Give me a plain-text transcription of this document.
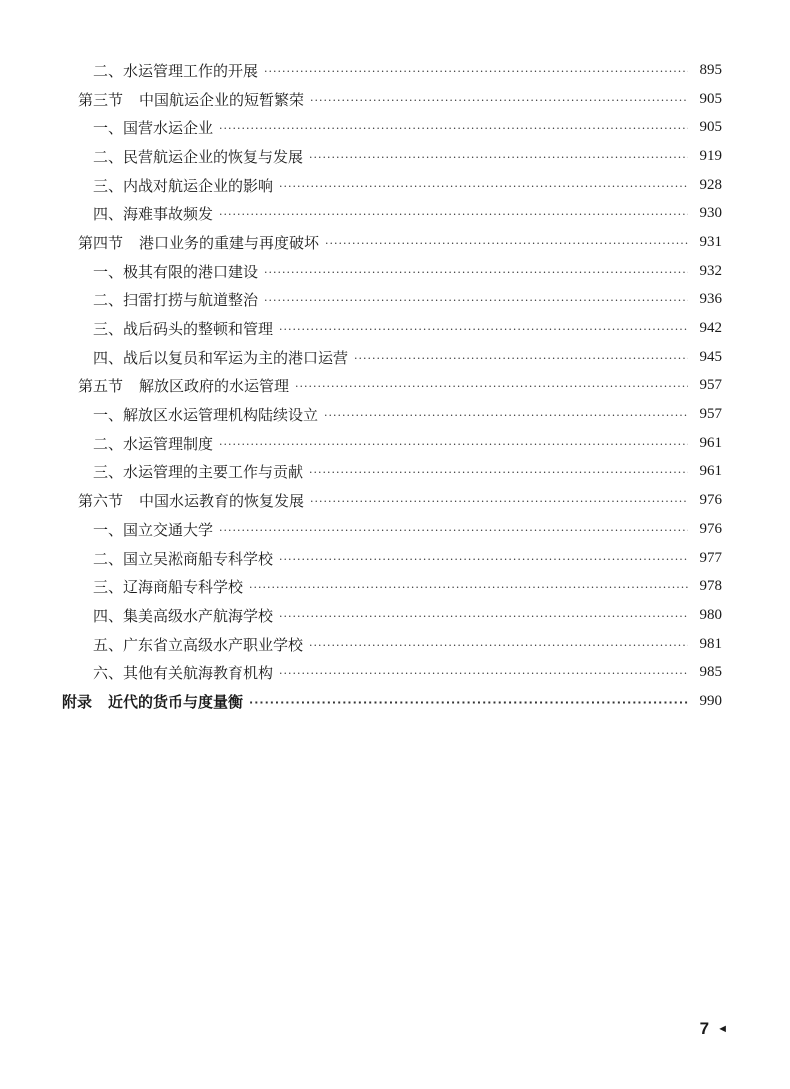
二、水运管理工作的开展 ·····	895
第三节 中国航运企业的短暂繁荣 ·····	905
一、国营水运企业 ·····	905
二、民营航运企业的恢复与发展 ·····	919
三、内战对航运企业的影响 ·····	928
四、海难事故频发 ·····	930
第四节 港口业务的重建与再度破坏 ·····	931
一、极其有限的港口建设 ·····	932
二、扫雷打捞与航道整治 ·····	936
三、战后码头的整顿和管理 ·····	942
四、战后以复员和军运为主的港口运营 ·····	945
第五节 解放区政府的水运管理 ·····	957
一、解放区水运管理机构陆续设立 ·····	957
二、水运管理制度 ·····	961
三、水运管理的主要工作与贡献 ·····	961
第六节 中国水运教育的恢复发展 ·····	976
一、国立交通大学 ·····	976
二、国立吴淞商船专科学校 ·····	977
三、辽海商船专科学校 ·····	978
四、集美高级水产航海学校 ·····	980
五、广东省立高级水产职业学校 ·····	981
六、其他有关航海教育机构 ·····	985
附录 近代的货币与度量衡 ·····	990
7 ◄
